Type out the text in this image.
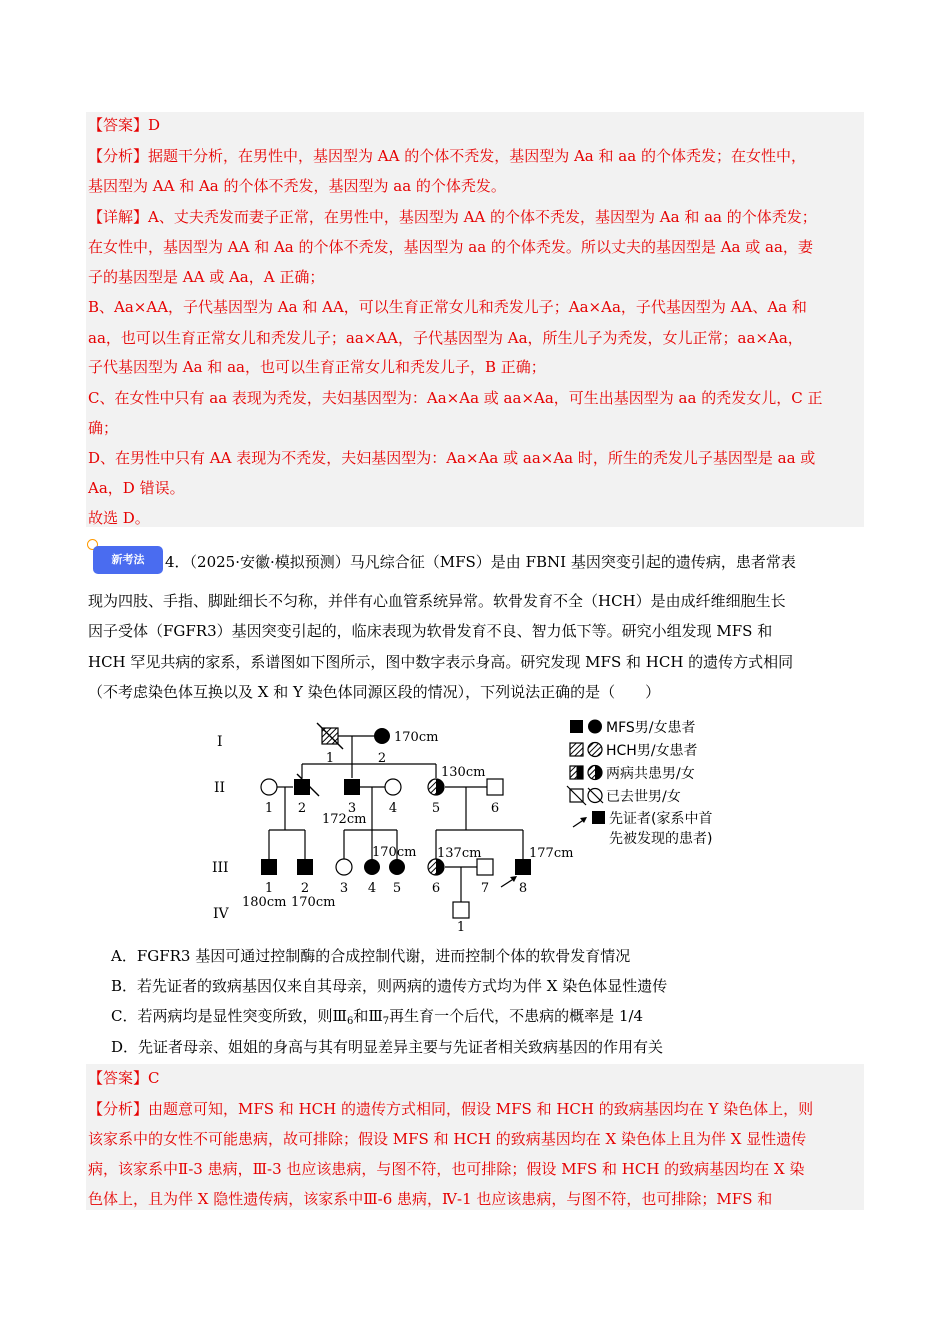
【答案】D
【分析】据题干分析，在男性中，基因型为 AA 的个体不秃发，基因型为 Aa 和 aa 的个体秃发；在女性中，
基因型为 AA 和 Aa 的个体不秃发，基因型为 aa 的个体秃发。
【详解】A、丈夫秃发而妻子正常，在男性中，基因型为 AA 的个体不秃发，基因型为 Aa 和 aa 的个体秃发；
在女性中，基因型为 AA 和 Aa 的个体不秃发，基因型为 aa 的个体秃发。所以丈夫的基因型是 Aa 或 aa，妻
子的基因型是 AA 或 Aa，A 正确；
B、Aa×AA，子代基因型为 Aa 和 AA，可以生育正常女儿和秃发儿子；Aa×Aa，子代基因型为 AA、Aa 和
aa，也可以生育正常女儿和秃发儿子；aa×AA，子代基因型为 Aa，所生儿子为秃发，女儿正常；aa×Aa，
子代基因型为 Aa 和 aa，也可以生育正常女儿和秃发儿子，B 正确；
C、在女性中只有 aa 表现为秃发，夫妇基因型为：Aa×Aa 或 aa×Aa，可生出基因型为 aa 的秃发女儿，C 正
确；
D、在男性中只有 AA 表现为不秃发，夫妇基因型为：Aa×Aa 或 aa×Aa 时，所生的秃发儿子基因型是 aa 或
Aa，D 错误。
故选 D。
新考法	4．（2025·安徽·模拟预测）马凡综合征（MFS）是由 FBNI 基因突变引起的遗传病，患者常表
现为四肢、手指、脚趾细长不匀称，并伴有心血管系统异常。软骨发育不全（HCH）是由成纤维细胞生长
因子受体（FGFR3）基因突变引起的，临床表现为软骨发育不良、智力低下等。研究小组发现 MFS 和
HCH 罕见共病的家系，系谱图如下图所示，图中数字表示身高。研究发现 MFS 和 HCH 的遗传方式相同
（不考虑染色体互换以及 X 和 Y 染色体同源区段的情况），下列说法正确的是（　　）
I
II
III
IV
1	2
1 2	3	4	5	6
1 2 3 4 5 6	7 8
1
170cm
172cm
130cm
170cm 137cm	177cm
180cm 170cm
MFS男/女患者
HCH男/女患者
两病共患男/女
已去世男/女
先证者(家系中首
先被发现的患者)
A．FGFR3 基因可通过控制酶的合成控制代谢，进而控制个体的软骨发育情况
B．若先证者的致病基因仅来自其母亲，则两病的遗传方式均为伴 X 染色体显性遗传
C．若两病均是显性突变所致，则$Ⅲ_6$和$Ⅲ_7$再生育一个后代，不患病的概率是 1/4
D．先证者母亲、姐姐的身高与其有明显差异主要与先证者相关致病基因的作用有关
【答案】C
【分析】由题意可知，MFS 和 HCH 的遗传方式相同，假设 MFS 和 HCH 的致病基因均在 Y 染色体上，则
该家系中的女性不可能患病，故可排除；假设 MFS 和 HCH 的致病基因均在 X 染色体上且为伴 X 显性遗传
病，该家系中Ⅱ-3 患病，Ⅲ-3 也应该患病，与图不符，也可排除；假设 MFS 和 HCH 的致病基因均在 X 染
色体上，且为伴 X 隐性遗传病，该家系中Ⅲ-6 患病，Ⅳ-1 也应该患病，与图不符，也可排除；MFS 和
